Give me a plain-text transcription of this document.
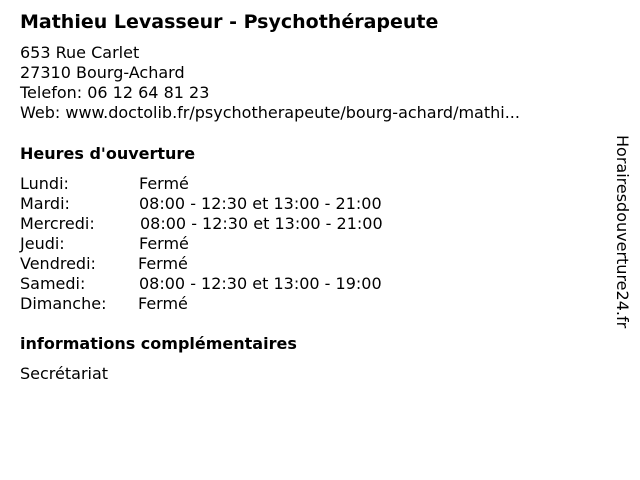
Mathieu Levasseur - Psychothérapeute
653 Rue Carlet
27310 Bourg-Achard
Telefon: 06 12 64 81 23
Web: www.doctolib.fr/psychotherapeute/bourg-achard/mathi...
Heures d'ouverture
Lundi:	Fermé
Mardi:	08:00 - 12:30 et 13:00 - 21:00
Mercredi:	08:00 - 12:30 et 13:00 - 21:00
Jeudi:	Fermé
Vendredi:	Fermé
Samedi:	08:00 - 12:30 et 13:00 - 19:00
Dimanche: Fermé
informations complémentaires
Secrétariat
Horairesdouverture24.fr
